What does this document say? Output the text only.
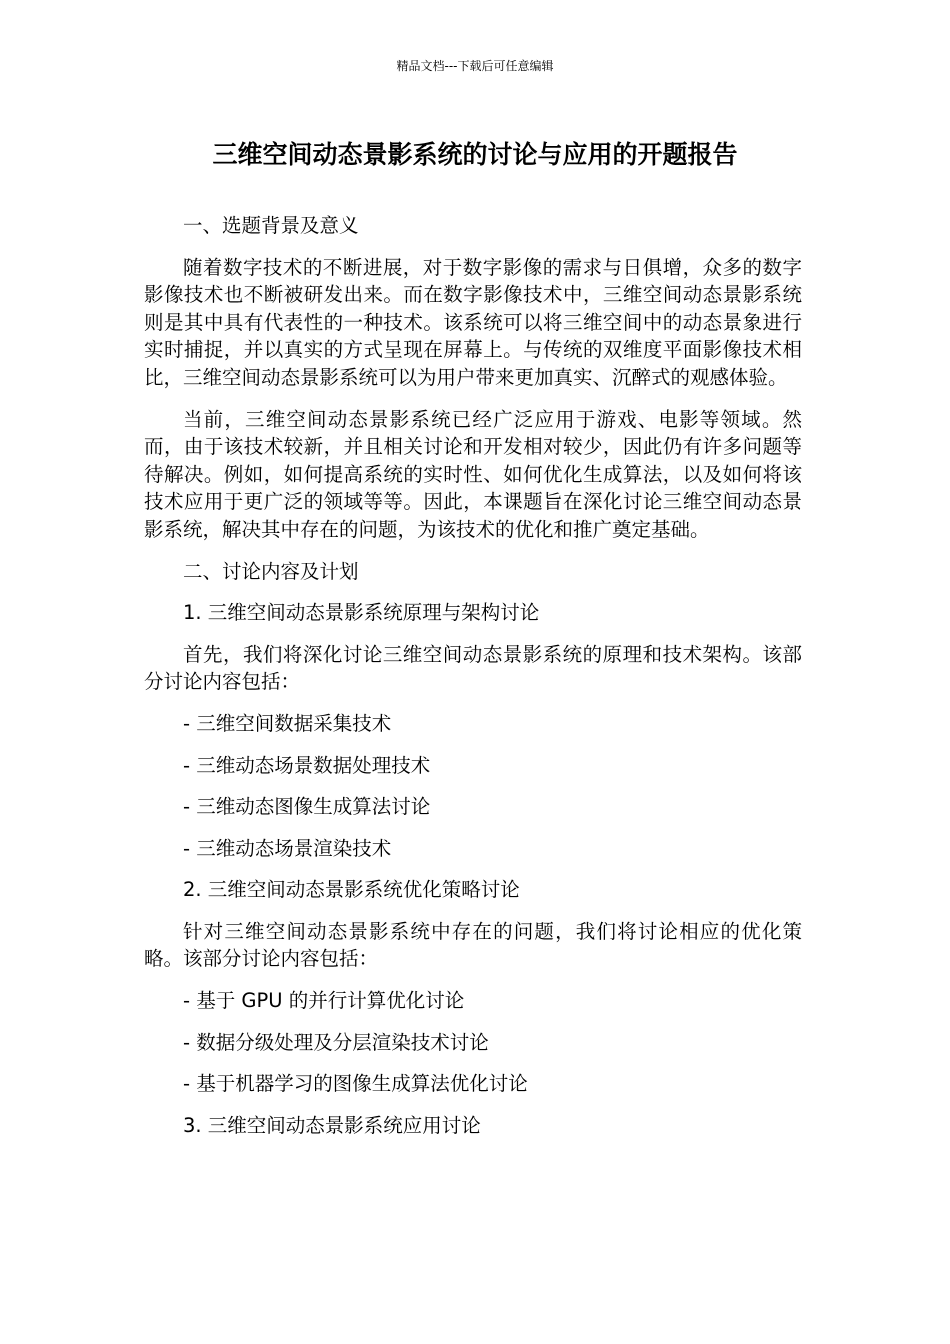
精品文档---下载后可任意编辑
三维空间动态景影系统的讨论与应用的开题报告
一、选题背景及意义
随着数字技术的不断进展，对于数字影像的需求与日俱增，众多的数字影像技术也不断被研发出来。而在数字影像技术中，三维空间动态景影系统则是其中具有代表性的一种技术。该系统可以将三维空间中的动态景象进行实时捕捉，并以真实的方式呈现在屏幕上。与传统的双维度平面影像技术相比，三维空间动态景影系统可以为用户带来更加真实、沉醉式的观感体验。
当前，三维空间动态景影系统已经广泛应用于游戏、电影等领域。然而，由于该技术较新，并且相关讨论和开发相对较少，因此仍有许多问题等待解决。例如，如何提高系统的实时性、如何优化生成算法，以及如何将该技术应用于更广泛的领域等等。因此，本课题旨在深化讨论三维空间动态景影系统，解决其中存在的问题，为该技术的优化和推广奠定基础。
二、讨论内容及计划
1. 三维空间动态景影系统原理与架构讨论
首先，我们将深化讨论三维空间动态景影系统的原理和技术架构。该部分讨论内容包括：
- 三维空间数据采集技术
- 三维动态场景数据处理技术
- 三维动态图像生成算法讨论
- 三维动态场景渲染技术
2. 三维空间动态景影系统优化策略讨论
针对三维空间动态景影系统中存在的问题，我们将讨论相应的优化策略。该部分讨论内容包括：
- 基于 GPU 的并行计算优化讨论
- 数据分级处理及分层渲染技术讨论
- 基于机器学习的图像生成算法优化讨论
3. 三维空间动态景影系统应用讨论
